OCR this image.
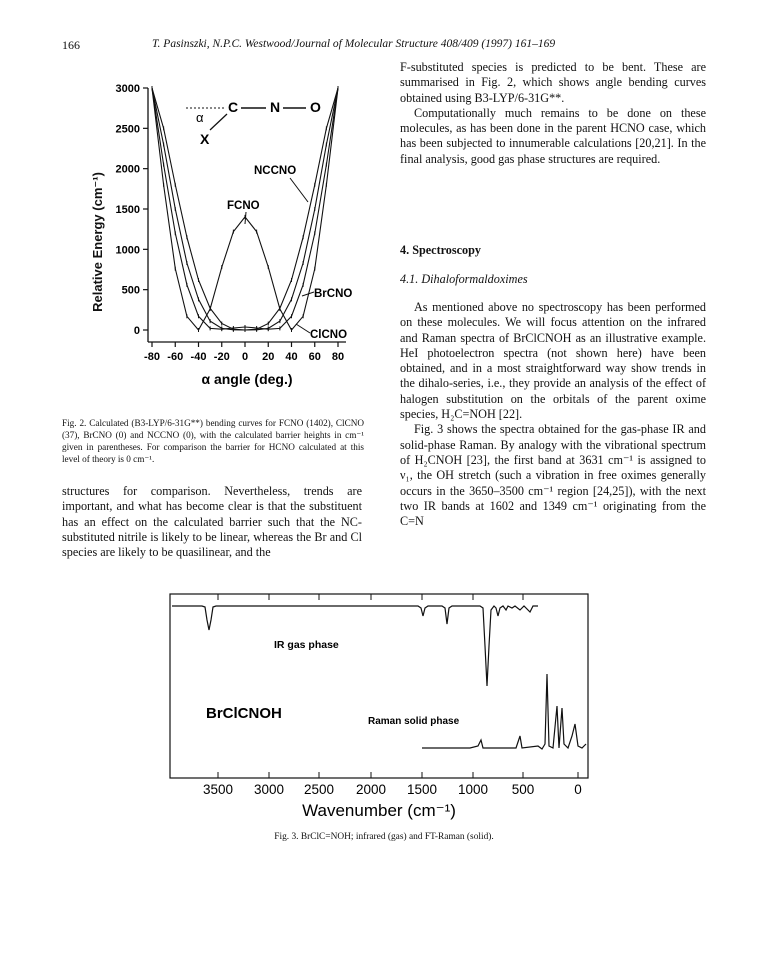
166	T. Pasinszki, N.P.C. Westwood/Journal of Molecular Structure 408/409 (1997) 161–169
Relative Energy (cm⁻¹)
3000
2500
2000
1500
1000
500
0
-80 -60 -40 -20 0 20 40 60 80
α
C N O
X
NCCNO
FCNO
BrCNO
ClCNO
α angle (deg.)
Fig. 2. Calculated (B3-LYP/6-31G**) bending curves for FCNO (1402), ClCNO (37), BrCNO (0) and NCCNO (0), with the calculated barrier heights in cm⁻¹ given in parentheses. For comparison the barrier for HCNO calculated at this level of theory is 0 cm⁻¹.
structures for comparison. Nevertheless, trends are important, and what has become clear is that the substituent has an effect on the calculated barrier such that the NC-substituted nitrile is likely to be linear, whereas the Br and Cl species are likely to be quasilinear, and the

F-substituted species is predicted to be bent. These are summarised in Fig. 2, which shows angle bending curves obtained using B3-LYP/6-31G**.

Computationally much remains to be done on these molecules, as has been done in the parent HCNO case, which has been subjected to innumerable calculations [20,21]. In the final analysis, good gas phase structures are required.

4. Spectroscopy
4.1. Dihaloformaldoximes

As mentioned above no spectroscopy has been performed on these molecules. We will focus attention on the infrared and Raman spectra of BrClCNOH as an illustrative example. HeI photoelectron spectra (not shown here) have been obtained, and in a most straightforward way show trends in the dihalo-series, i.e., they provide an analysis of the effect of halogen substitution on the orbitals of the parent oxime species, H₂C=NOH [22].

Fig. 3 shows the spectra obtained for the gas-phase IR and solid-phase Raman. By analogy with the vibrational spectrum of H₂CNOH [23], the first band at 3631 cm⁻¹ is assigned to ν₁, the OH stretch (such a vibration in free oximes generally occurs in the 3650–3500 cm⁻¹ region [24,25]), with the next two IR bands at 1602 and 1349 cm⁻¹ originating from the C=N

IR gas phase
BrClCNOH	Raman solid phase
3500 3000 2500 2000 1500 1000 500	0
Wavenumber (cm⁻¹)
Fig. 3. BrClC=NOH; infrared (gas) and FT-Raman (solid).
